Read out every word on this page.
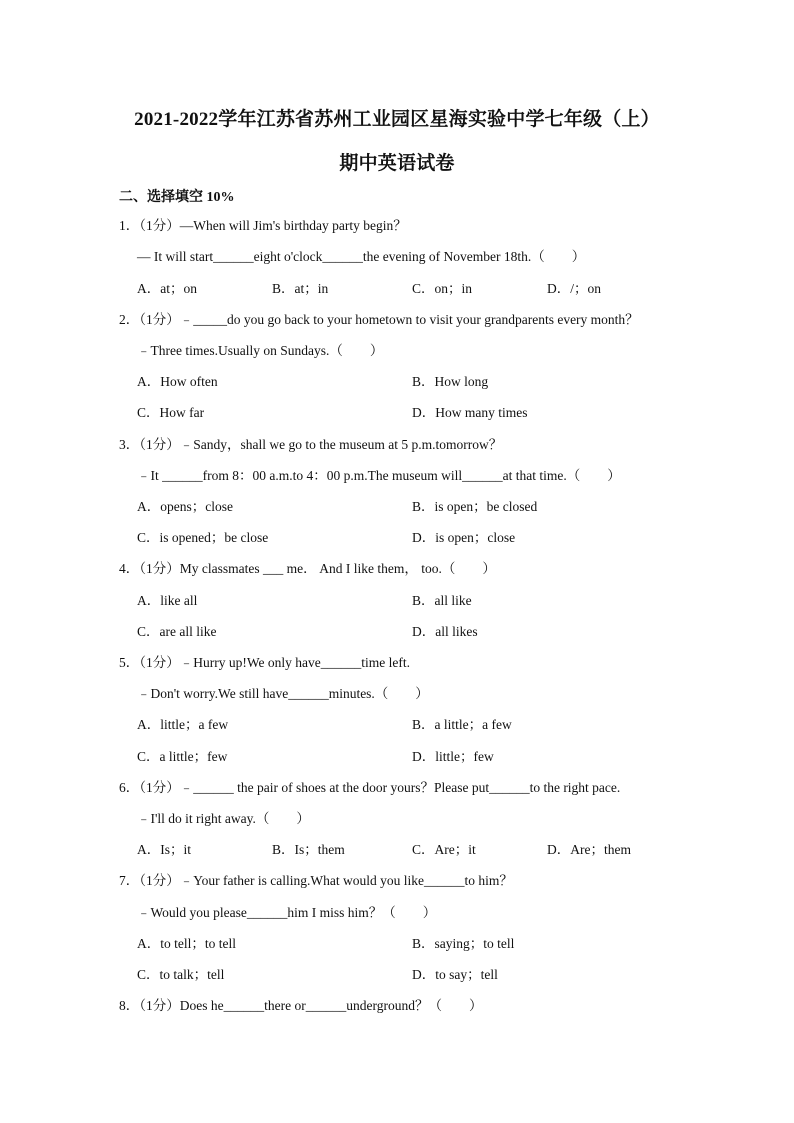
2021-2022学年江苏省苏州工业园区星海实验中学七年级（上）
期中英语试卷
二、选择填空 10%
1．（1分）—When will Jim's birthday party begin？
— It will start______eight o'clock______the evening of November 18th.（　　）
A．at；on	B．at；in	C．on；in	D．/；on
2．（1分）﹣_____do you go back to your hometown to visit your grandparents every month？
﹣Three times.Usually on Sundays.（　　）
A．How often	B．How long
C．How far	D．How many times
3．（1分）﹣Sandy，shall we go to the museum at 5 p.m.tomorrow？
﹣It ______from 8：00 a.m.to 4：00 p.m.The museum will______at that time.（　　）
A．opens；close	B．is open；be closed
C．is opened；be close	D．is open；close
4．（1分）My classmates ___ me． And I like them， too.（　　）
A．like all	B．all like
C．are all like	D．all likes
5．（1分）﹣Hurry up!We only have______time left.
﹣Don't worry.We still have______minutes.（　　）
A．little；a few	B．a little；a few
C．a little；few	D．little；few
6．（1分）﹣______ the pair of shoes at the door yours？Please put______to the right pace.
﹣I'll do it right away.（　　）
A．Is；it	B．Is；them	C．Are；it	D．Are；them
7．（1分）﹣Your father is calling.What would you like______to him？
﹣Would you please______him I miss him？（　　）
A．to tell；to tell	B．saying；to tell
C．to talk；tell	D．to say；tell
8．（1分）Does he______there or______underground？（　　）
